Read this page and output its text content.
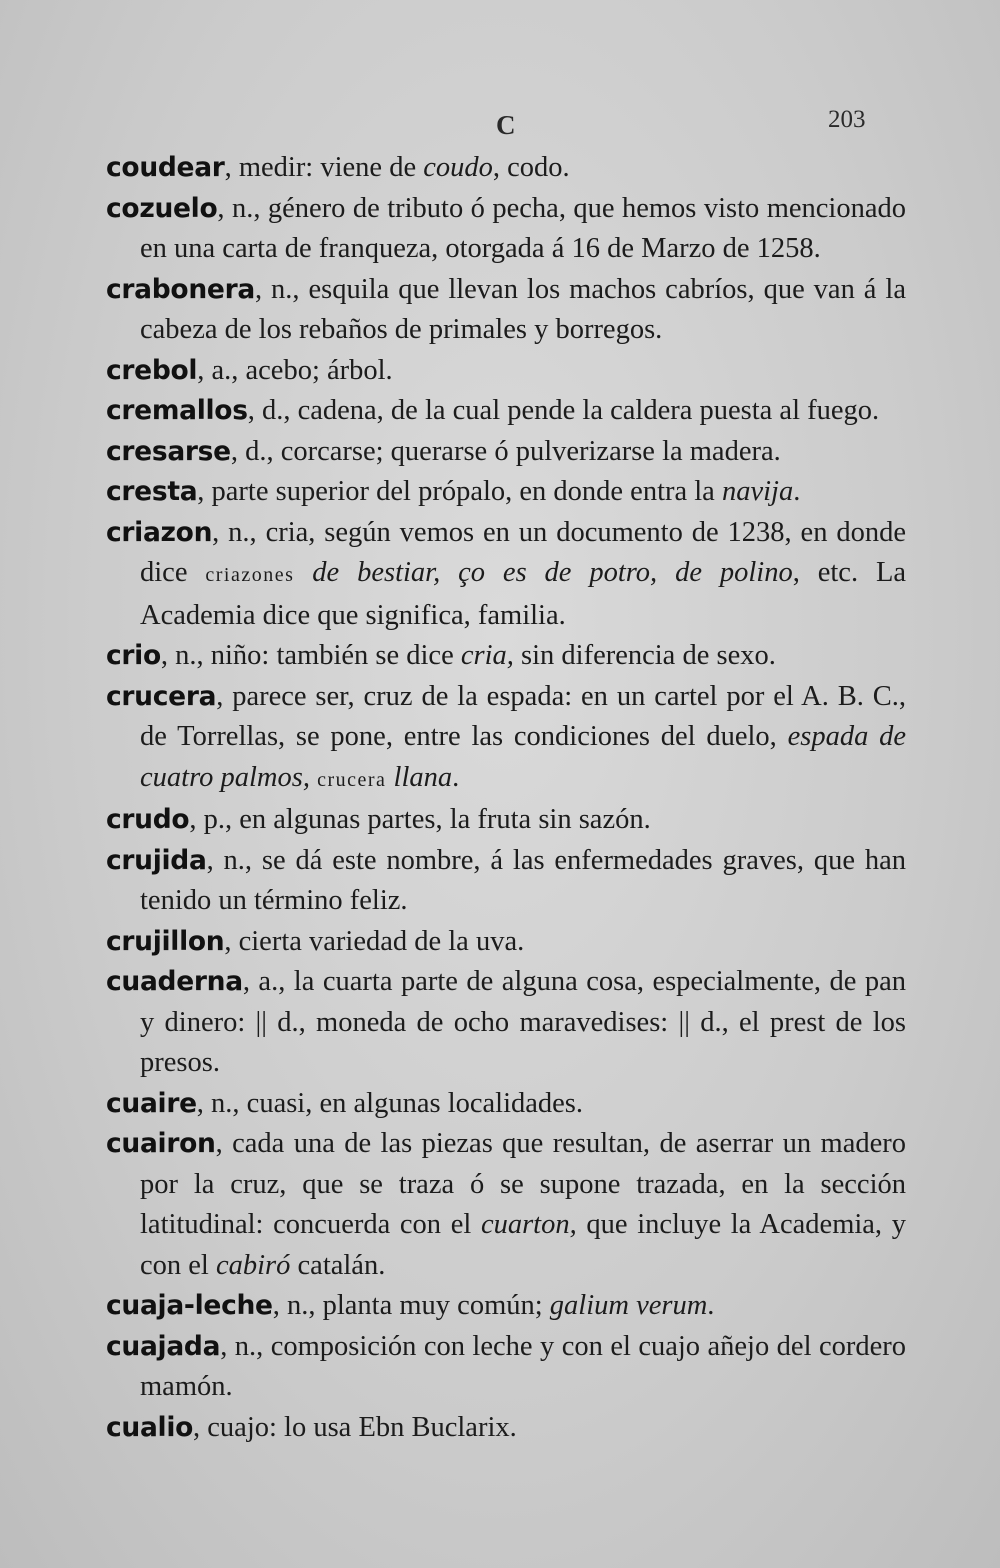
C	203

coudear, medir: viene de coudo, codo.

cozuelo, n., género de tributo ó pecha, que hemos visto mencionado en una carta de franqueza, otorgada á 16 de Marzo de 1258.

crabonera, n., esquila que llevan los machos cabríos, que van á la cabeza de los rebaños de primales y borregos.

crebol, a., acebo; árbol.

cremallos, d., cadena, de la cual pende la caldera puesta al fuego.

cresarse, d., corcarse; querarse ó pulverizarse la madera.

cresta, parte superior del própalo, en donde entra la navija.

criazon, n., cria, según vemos en un documento de 1238, en donde dice criazones de bestiar, ço es de potro, de polino, etc. La Academia dice que significa, familia.

crio, n., niño: también se dice cria, sin diferencia de sexo.

crucera, parece ser, cruz de la espada: en un cartel por el A. B. C., de Torrellas, se pone, entre las condiciones del duelo, espada de cuatro palmos, crucera llana.

crudo, p., en algunas partes, la fruta sin sazón.

crujida, n., se dá este nombre, á las enfermedades graves, que han tenido un término feliz.

crujillon, cierta variedad de la uva.

cuaderna, a., la cuarta parte de alguna cosa, especialmente, de pan y dinero: || d., moneda de ocho maravedises: || d., el prest de los presos.

cuaire, n., cuasi, en algunas localidades.

cuairon, cada una de las piezas que resultan, de aserrar un madero por la cruz, que se traza ó se supone trazada, en la sección latitudinal: concuerda con el cuarton, que incluye la Academia, y con el cabiró catalán.

cuaja-leche, n., planta muy común; galium verum.

cuajada, n., composición con leche y con el cuajo añejo del cordero mamón.

cualio, cuajo: lo usa Ebn Buclarix.
